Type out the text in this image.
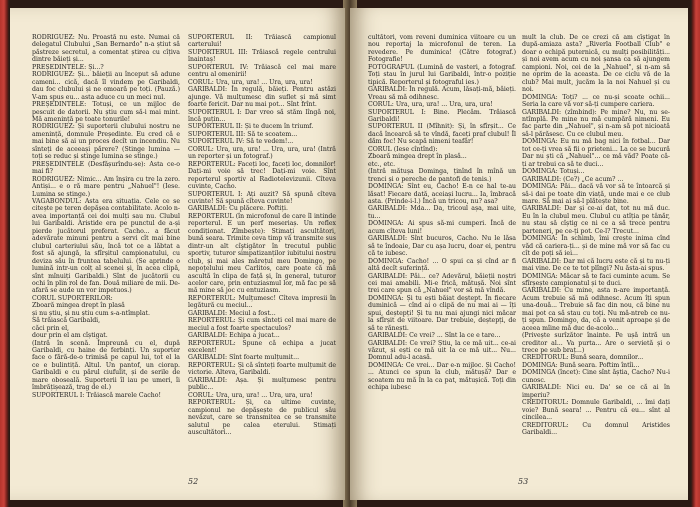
RODRIGUEZ: Nu. Proastă nu este. Numai că delegatul Clubului „San Bernardo" n-a știut să păstreze secretul, a comentat știrea cu cîțiva dintre băieți și...

PREȘEDINTELE: Și...?

RODRIGUEZ: Și... băieții au început să adune cameni... cică, dacă îl vindem pe Garibaldi, dau foc clubului și ne omoară pe toți. (Pauză.) V-am spus eu... asta aduce cu un meci nul.

PREȘEDINTELE: Totuși, ce un mijloc de pescuit de datorii. Nu știu cum să-i mai mint. Mă amenință pe toate tonurile!

RODRIGUEZ: Și suporterii clubului nostru ne amenință, domnule Președinte. Eu cred că e mai bine să ai un proces decît un incendiu. Nu sînteți de aceeași părere? (Stinge lumina — toți se reduc și stinge lumina se stinge.)

PREȘEDINTELE (Desfășurîndu-se): Asta ce-o mai fi?

RODRIGUEZ: Nimic... Am înșira cu tre la zero. Antiși... e o ră mare pentru „Nahuel"! (Iese. Lumina se stinge.)

VAGABONDUL: Asta era situația. Cele ce se citește pe teren depășea contabilitate. Acolo n-avea importanță cei doi mulți sau nu. Clubul lui Garibaldi. Aristide era pe punctul de a-și pierde jucătorul preferat. Cacho... a făcut adevărate minuni pentru a servi cît mai bine clubul carteriului său, încă tot ce a lăbtat a fost să ajungă, la sfîrșitul campionatului, cu deviza său în fruntea tabelului. (Se aprinde o lumină intr-un colț al scenei și, în acea clipă, sînt mînuiți Garibaldi.) Sînt de jucătorii cu ochi în plin rol de fan. Două miliare de mii. De-afară se aude un vor impetuos.)

CORUL SUPORTERILOR:

Zboară mingea drept în plasă

și nu știu, și nu știu cum s-a-ntîmplat.

Să trăiască Garibaldi,

căci prin el,

dour prin el am cîștigat.

(Intră în scenă. Împreună cu el, după Garibaldi, cu haine de ferbinți. Un suporter face o fără-de-o trimisă pe capul lui, tot el la ce e bulintiță. Altul. Un pantof, un ciorap. Garibaldi e cu părul ciufulit, și de serile de mare oboseală. Suporterii îl iau pe umeri, îi îmbrățișează, trag de el.)

SUPORTERUL I: Trăiască marele Cacho!

SUPORTERUL II: Trăiască campionul carterului!

SUPORTERUL III: Trăiască regele centrului înaintaș!

SUPORTERUL IV: Trăiască cel mai mare centru al omenirii!

CORUL: Ura, ura, ura! ... Ura, ura, ura!

GARIBALDI: În regulă, băieți. Pentru astăzi ajunge. Vă mulțumesc din suflet și mă simt foarte fericit. Dar nu mai pot... Sînt frînt.

SUPORTERUL I: Dar vreo să stăm lîngă noi, încă puțin...

SUPORTERUL II: Și te ducem în triumf.

SUPORTERUL III: Să te scoatem...

SUPORTERUL IV: Să te vedem!...

CORUL: Ura, ura, ura! ... Ura, ura, ura! (Intră un reporter și un fotograf.)

REPORTERUL: Faceți loc, faceți loc, domnilor! Dați-mi voie să trec! Dați-mi voie. Sînt reporterul sportiv al Radiotelevizunii. Cîteva cuvinte, Cacho.

SUPORTERUL I: Ați auzit? Să spună cîteva cuvinte! Să spună cîteva cuvinte!

GARIBALDI: Cu plăcere. Poftiți.

REPORTERUL (în microfonul de care îl intinde reporterul. E un perf meseriaș. Un reflex condiționat. Zîmbește): Stimați ascultători, bună seara. Trimite ceva timp vă transmite sus dintr-un alt cîştigător în trecutul public sportiv, tuturor simpatizanților iubitului nostru club, și mai ales mărețul meu Domingo, pe nepoțelului meu Carlitos, care poate că mă ascultă în clipa de față și, în general, tuturor acelor care, prin entuziasmul lor, mă fac pe să mă mine să joc cu entuziasm.

REPORTERUL: Mulțumesc! Cîteva impresii în legătură cu meciul...

GARIBALDI: Meciul a fost...

REPORTERUL: Și cum sînteți cel mai mare de meciul a fost foarte spectaculos?

GARIBALDI: Echipa a jucat...

REPORTERUL: Spune că echipa a jucat excelent!

GARIBALDI: Sînt foarte mulțumit...

REPORTERUL: Și că sînteți foarte mulțumit de victorie. Alteva, Garibaldi.

GARIBALDI: Așa. Și mulțumesc pentru public...

CORUL: Ura, ura, ura! ... Ura, ura, ura!

REPORTERUL: Și, ca ultime cuvinte, campionul ne depășește de publicul său nevăzut, care se transmitea ce se transmite salutul pe calea eterului. Stimați auscultători...

52

cultători, vom reveni duminica viitoare cu un nou reportaj la microfonul de teren. La revedere. Pe duminica! (Către fotograf.) Fotografie!

FOTOGRAFUL (Lumină de vasteri, a fotograf. Toți stau în jurul lui Garibaldi, într-o poziție tipică. Reporterul și fotograful ies.)

GARIBALDI: În regulă. Acum, lăsați-mă, băieți. Vreau să mă odihnesc.

CORUL: Ura, ura, ura! ... Ura, ura, ura!

SUPORTERUL I: Bine. Plecăm. Trăiască Garibaldi!

SUPORTERUL II (Mîhnit): Și, în sfîrșit... Ce dacă încearcă să te vîndă, faceți praf clubul! Îl dăm foc! Nu scapă nimeni teafăr!

CORUL (Iese cîntînd):

Zboară mingea drept în plasă...

etc., etc.

(Intră mătușa Dominga, ținînd în mînă un trenci și o pereche de pantofi de tenis.)

DOMINGA: Sînt eu, Cacho! E-n ce hal te-au lăsat! Fiecare dată, aceiași lucru... Ia, îmbracă asta. (Prinde-i-l.) Încă un tricou, nu? asa?

GARIBALDI: Mda... Da, tricoul așa, mai uite, tu...

DOMINGA: Ai spus să-mi cumperi. Încă de acum cîteva luni!

GARIBALDI: Sînt bucuros, Cacho. Nu le lăsa să te îndoaie, Dar cu așa lucru, doar ei, pentru că te iubesc.

DOMINGA: Cacho! ... O spui ca și cînd ar fi altă decît suferință.

GARIBALDI: Păi... ce? Adevărul, băieții noștri cei mai amabili. Mi-e frică, mătușă. Noi sînt trei care spun că „Nahuel" vor să mă vîndă.

DOMINGA: Și tu ești băiat deștept. În fiecare duminică — cînd ai o clipă de nu mai ai — îți spui, deștepți! Și tu nu mai ajungi nici măcar la sfîrșit de viitoare. Dar trebuie, deștepți, de să te rănești.

GARIBALDI: Ce vrei? ... Sînt la ce e tare...

GARIBALDI: Ce vrei? Știu, la ce mă uit... ce-ai văzut, și ești ce mă uit la ce mă uit... Nu... Domnul adu-l acasă.

DOMINGA: Ce vrei... Dar e-n mijloc. Și Cacho! ... Atunci ce spun la club, mătușă? Dar e scoatem nu mă în la ca pat, mătușică. Toți din echipa iubesc

mult la club. De ce crezi că am cîștigat în după-amiaza asta? „Riverla Football Club" e doar o echipă puternică, cu mulți posibilități... și noi avem acum cu noi șansa ca să ajungem campioni. Noi, cei de la „Nahuel", și n-am să ne oprim de la aceasta. De ce ciclu vă de la club? Mai mult, jucăm la la noi Nahuel și cu noi.

DOMINGA: Toți? ... ce nu-și scoate ochii... Seria la care vă vor să-ți cumpere cariera.

GARIBALDI: (zîmbind): Pe mine? Nu, nu se-ntîmplă. Pe mine nu mă cumpără nimeni. Eu fac parte din „Nahuel", și n-am să pot nicioată să-l părăsesc. Cu ce clubul meu.

DOMINGA: Eu nu mă bag nici în fotbal... Dar tot ce-ți vrea să fii o prieteni... La ce se bucură Dar nu ști că „Nahuel"... ce mă văd? Poate că-ți ar trebui ca să te duci...

DOMINGA: Totuși...

GARIBALDI: (Ce?) „Ce acum? ...

DOMINGA: Păi... dacă vă vor să te întoarcă și să-i dai pe toate din viață, unde mai e ce club mare. Să mai ai să-l plătește bine.

GARIBALDI: Dar și ce-ai dat, tot nu mă duc. Eu în la clubul meu. Clubul cu atîția pe tânăr, nu stau să cîștig ce ni ce a să trece pentru parteneri, pe ce-ți pot. Ce-l? Trecut...

DOMINGA: În schimb, îmi crește inima cînd văd că cariera-ți... și de mine mă vor să fac cu cît de poți să iei...

GARIBALDI: Dar mi că lucru este că și tu nu-ți mai vine. De ce te tot plîngi? Nu ăsta-ai spus.

DOMINGA: Măcar să te faci cuminte acum. Se sfîrșește campionatul și te duci.

GARIBALDI: Cu mine, asta n-are importanță. Acum trebuie să mă odihnesc. Acum îți spun una-două... Trebuie să fac din nou, că bine nu mai pot ca să stau cu toți. Nu mă-ntreb ce nu-ți spun. Domingo, da, că a venit aproape și de aceea mîine mă duc de-acolo...

(Privește surîzător înainte. Pe ușă intră un creditor al... Va purta... Are o servietă și o trece pe sub braț...)

CREDITORUL: Bună seara, domnilor...

DOMINGA: Bună seara. Poftim întîi...

DOMINGA (încet): Cine sînt ăștia, Cacho? Nu-i cunosc.

GARIBALDI: Nici eu. Da' se ce că ai în imperiu?

CREDITORUL: Domnule Garibaldi, ... îmi dați voie? Bună seara! ... Pentru că eu... sînt al cincilea...

CREDITORUL: Cu domnul Aristides Garibaldi...

53
